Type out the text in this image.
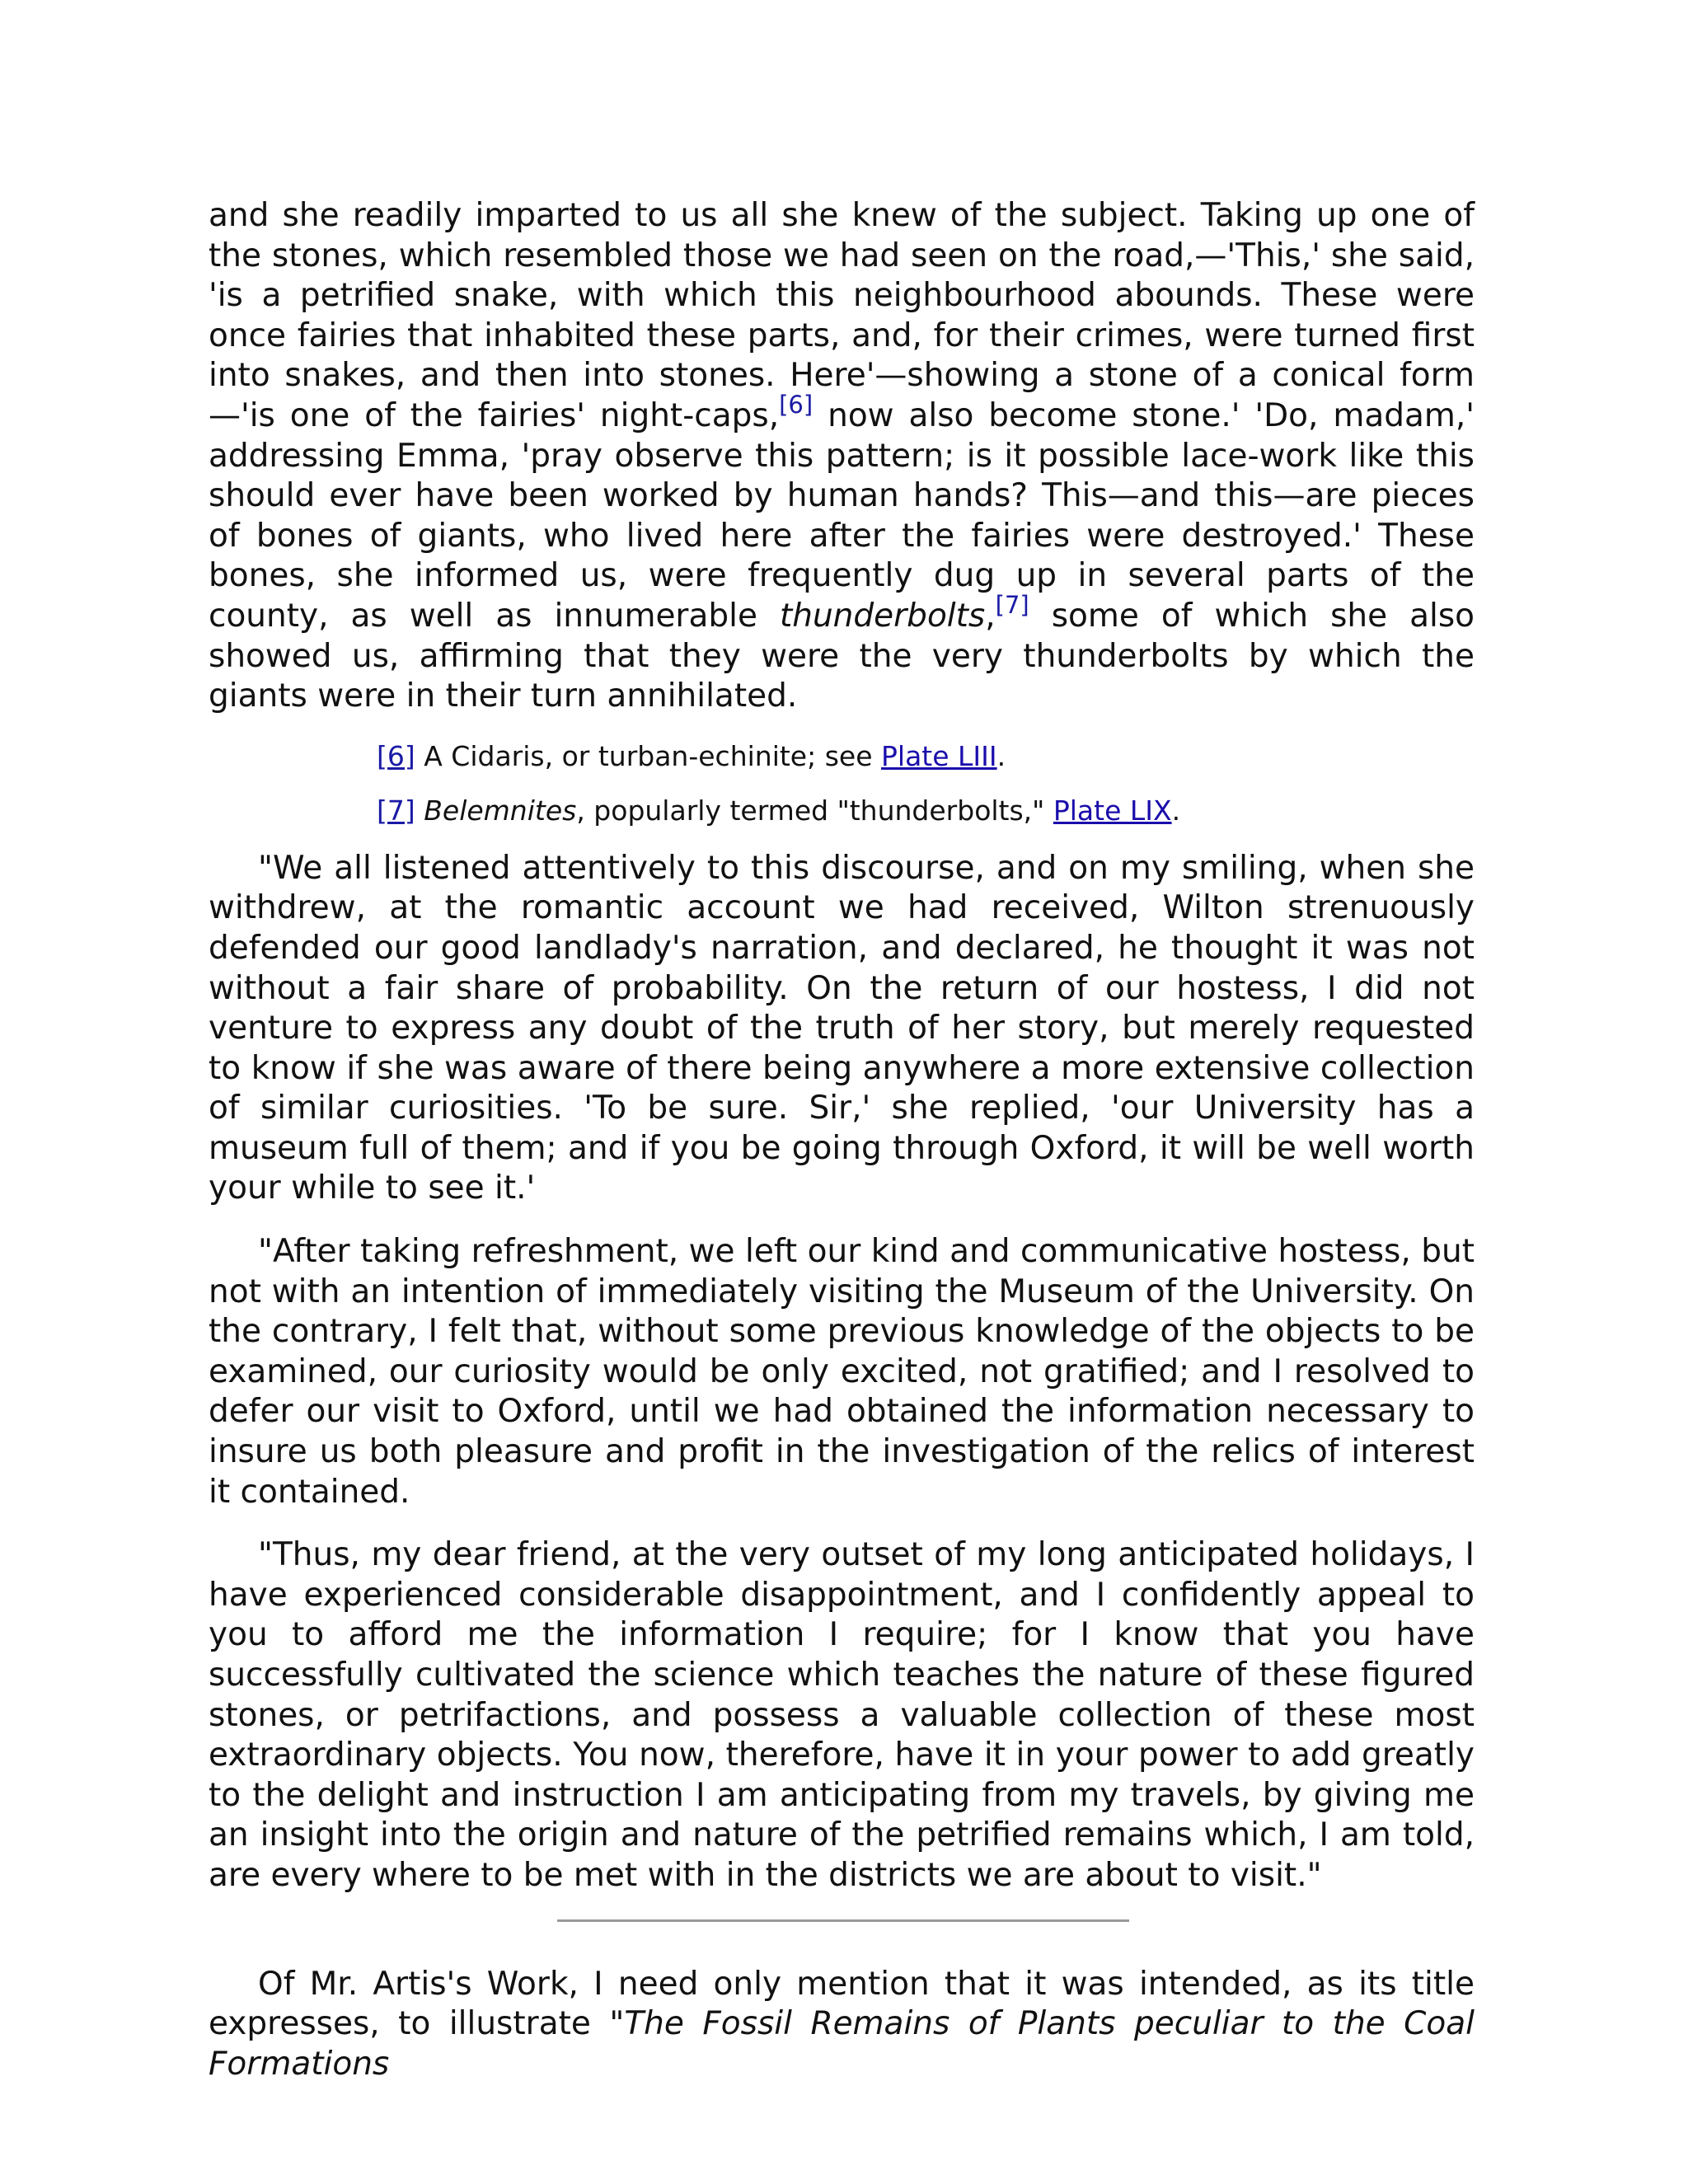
and she readily imparted to us all she knew of the subject. Taking up one of the stones, which resembled those we had seen on the road,—'This,' she said, 'is a petrified snake, with which this neighbourhood abounds. These were once fairies that inhabited these parts, and, for their crimes, were turned first into snakes, and then into stones. Here'—showing a stone of a conical form—'is one of the fairies' night-caps,[6] now also become stone.' 'Do, madam,' addressing Emma, 'pray observe this pattern; is it possible lace-work like this should ever have been worked by human hands? This—and this—are pieces of bones of giants, who lived here after the fairies were destroyed.' These bones, she informed us, were frequently dug up in several parts of the county, as well as innumerable thunderbolts,[7] some of which she also showed us, affirming that they were the very thunderbolts by which the giants were in their turn annihilated.

[6] A Cidaris, or turban-echinite; see Plate LIII.

[7] Belemnites, popularly termed "thunderbolts," Plate LIX.

"We all listened attentively to this discourse, and on my smiling, when she withdrew, at the romantic account we had received, Wilton strenuously defended our good landlady's narration, and declared, he thought it was not without a fair share of probability. On the return of our hostess, I did not venture to express any doubt of the truth of her story, but merely requested to know if she was aware of there being anywhere a more extensive collection of similar curiosities. 'To be sure. Sir,' she replied, 'our University has a museum full of them; and if you be going through Oxford, it will be well worth your while to see it.'

"After taking refreshment, we left our kind and communicative hostess, but not with an intention of immediately visiting the Museum of the University. On the contrary, I felt that, without some previous knowledge of the objects to be examined, our curiosity would be only excited, not gratified; and I resolved to defer our visit to Oxford, until we had obtained the information necessary to insure us both pleasure and profit in the investigation of the relics of interest it contained.

"Thus, my dear friend, at the very outset of my long anticipated holidays, I have experienced considerable disappointment, and I confidently appeal to you to afford me the information I require; for I know that you have successfully cultivated the science which teaches the nature of these figured stones, or petrifactions, and possess a valuable collection of these most extraordinary objects. You now, therefore, have it in your power to add greatly to the delight and instruction I am anticipating from my travels, by giving me an insight into the origin and nature of the petrified remains which, I am told, are every where to be met with in the districts we are about to visit."

Of Mr. Artis's Work, I need only mention that it was intended, as its title expresses, to illustrate "The Fossil Remains of Plants peculiar to the Coal Formations
